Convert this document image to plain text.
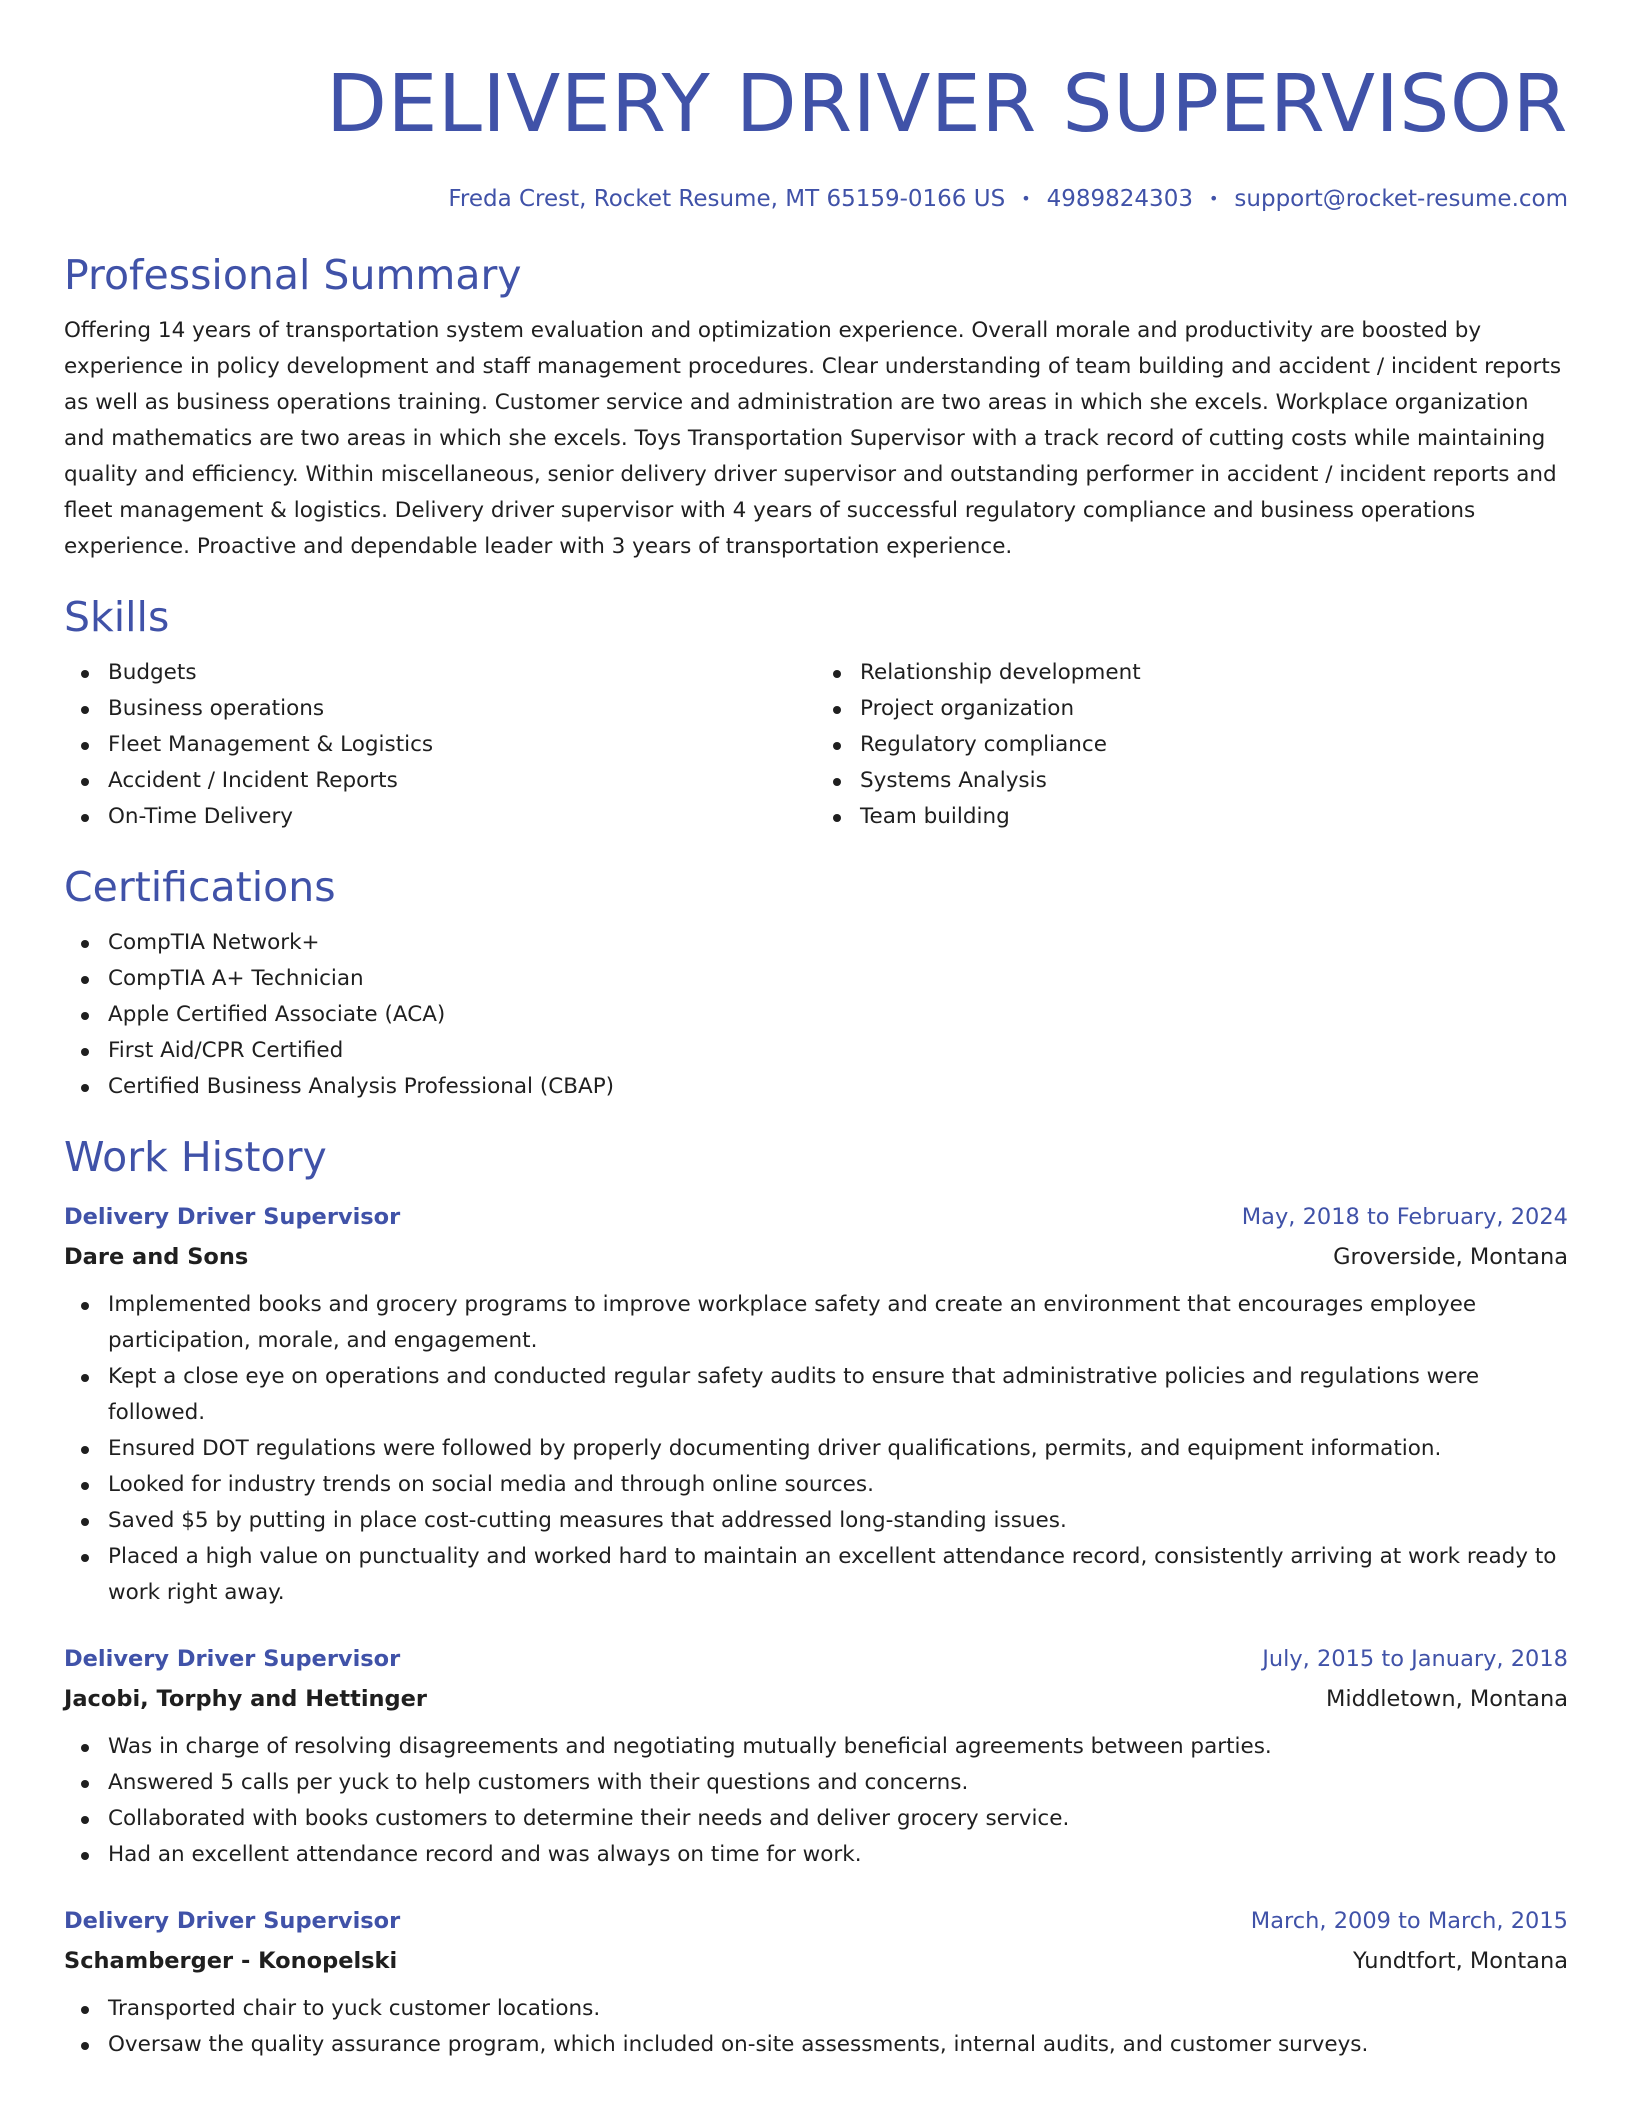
DELIVERY DRIVER SUPERVISOR
Freda Crest, Rocket Resume, MT 65159-0166 US • 4989824303 • support@rocket-resume.com
Professional Summary

Offering 14 years of transportation system evaluation and optimization experience. Overall morale and productivity are boosted by experience in policy development and staff management procedures. Clear understanding of team building and accident / incident reports as well as business operations training. Customer service and administration are two areas in which she excels. Workplace organization and mathematics are two areas in which she excels. Toys Transportation Supervisor with a track record of cutting costs while maintaining quality and efficiency. Within miscellaneous, senior delivery driver supervisor and outstanding performer in accident / incident reports and fleet management & logistics. Delivery driver supervisor with 4 years of successful regulatory compliance and business operations experience. Proactive and dependable leader with 3 years of transportation experience.

Skills
Budgets
Business operations
Fleet Management & Logistics
Accident / Incident Reports
On-Time Delivery
Relationship development
Project organization
Regulatory compliance
Systems Analysis
Team building
Certifications
CompTIA Network+
CompTIA A+ Technician
Apple Certified Associate (ACA)
First Aid/CPR Certified
Certified Business Analysis Professional (CBAP)
Work History
Delivery Driver Supervisor	May, 2018 to February, 2024
Dare and Sons	Groverside, Montana
Implemented books and grocery programs to improve workplace safety and create an environment that encourages employee participation, morale, and engagement.
Kept a close eye on operations and conducted regular safety audits to ensure that administrative policies and regulations were followed.
Ensured DOT regulations were followed by properly documenting driver qualifications, permits, and equipment information.
Looked for industry trends on social media and through online sources.
Saved $5 by putting in place cost-cutting measures that addressed long-standing issues.
Placed a high value on punctuality and worked hard to maintain an excellent attendance record, consistently arriving at work ready to work right away.
Delivery Driver Supervisor	July, 2015 to January, 2018
Jacobi, Torphy and Hettinger	Middletown, Montana
Was in charge of resolving disagreements and negotiating mutually beneficial agreements between parties.
Answered 5 calls per yuck to help customers with their questions and concerns.
Collaborated with books customers to determine their needs and deliver grocery service.
Had an excellent attendance record and was always on time for work.
Delivery Driver Supervisor	March, 2009 to March, 2015
Schamberger - Konopelski	Yundtfort, Montana
Transported chair to yuck customer locations.
Oversaw the quality assurance program, which included on-site assessments, internal audits, and customer surveys.
